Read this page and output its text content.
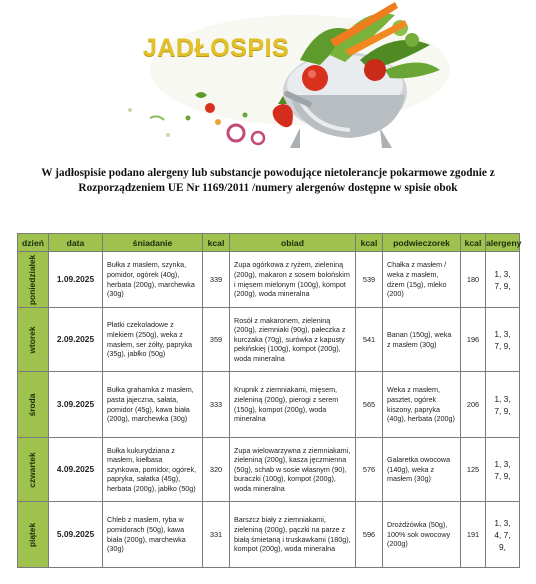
JADŁOSPIS
W jadłospisie podano alergeny lub substancje powodujące nietolerancje pokarmowe zgodnie z
Rozporządzeniem UE Nr 1169/2011 /numery alergenów dostępne w spisie obok
dzień	data	śniadanie	kcal	obiad	kcal	podwieczorek	kcal	alergeny

poniedziałek	1.09.2025	Bułka z masłem, szynka, pomidor, ogórek (40g), herbata (200g), marchewka (30g)	339	Zupa ogórkowa z ryżem, zieleniną (200g), makaron z sosem bolońskim i mięsem mielonym (100g), kompot (200g), woda mineralna	539	Chałka z masłem / weka z masłem, dżem (15g), mleko (200)	180	1, 3, 7, 9,

wtorek	2.09.2025	Płatki czekoladowe z mlekiem (250g), weka z masłem, ser żółty, papryka (35g), jabłko (50g)	359	Rosół z makaronem, zieleniną (200g), ziemniaki (90g), pałeczka z kurczaka (70g), surówka z kapusty pekińskiej (100g), kompot (200g), woda mineralna	541	Banan (150g), weka z masłem (30g)	196	1, 3, 7, 9,

środa	3.09.2025	Bułka grahamka z masłem, pasta jajeczna, sałata, pomidor (45g), kawa biała (200g), marchewka (30g)	333	Krupnik z ziemniakami, mięsem, zieleniną (200g), pierogi z serem (150g), kompot (200g), woda mineralna	565	Weka z masłem, pasztet, ogórek kiszony, papryka (40g), herbata (200g)	206	1, 3, 7, 9,

czwartek	4.09.2025	Bułka kukurydziana z masłem, kiełbasa szynkowa, pomidor, ogórek, papryka, sałatka (45g), herbata (200g), jabłko (50g)	320	Zupa wielowarzywna z ziemniakami, zieleniną (200g), kasza jęczmienna (50g), schab w sosie własnym (90), buraczki (100g), kompot (200g), woda mineralna	576	Galaretka owocowa (140g), weka z masłem (30g)	125	1, 3, 7, 9,

piątek	5.09.2025	Chleb z masłem, ryba w pomidorach (50g), kawa biała (200g), marchewka (30g)	331	Barszcz biały z ziemniakami, zieleniną (200g), pączki na parze z białą śmietaną i truskawkami (180g), kompot (200g), woda mineralna	596	Drożdżówka (50g), 100% sok owocowy (200g)	191	1, 3, 4, 7, 9,
